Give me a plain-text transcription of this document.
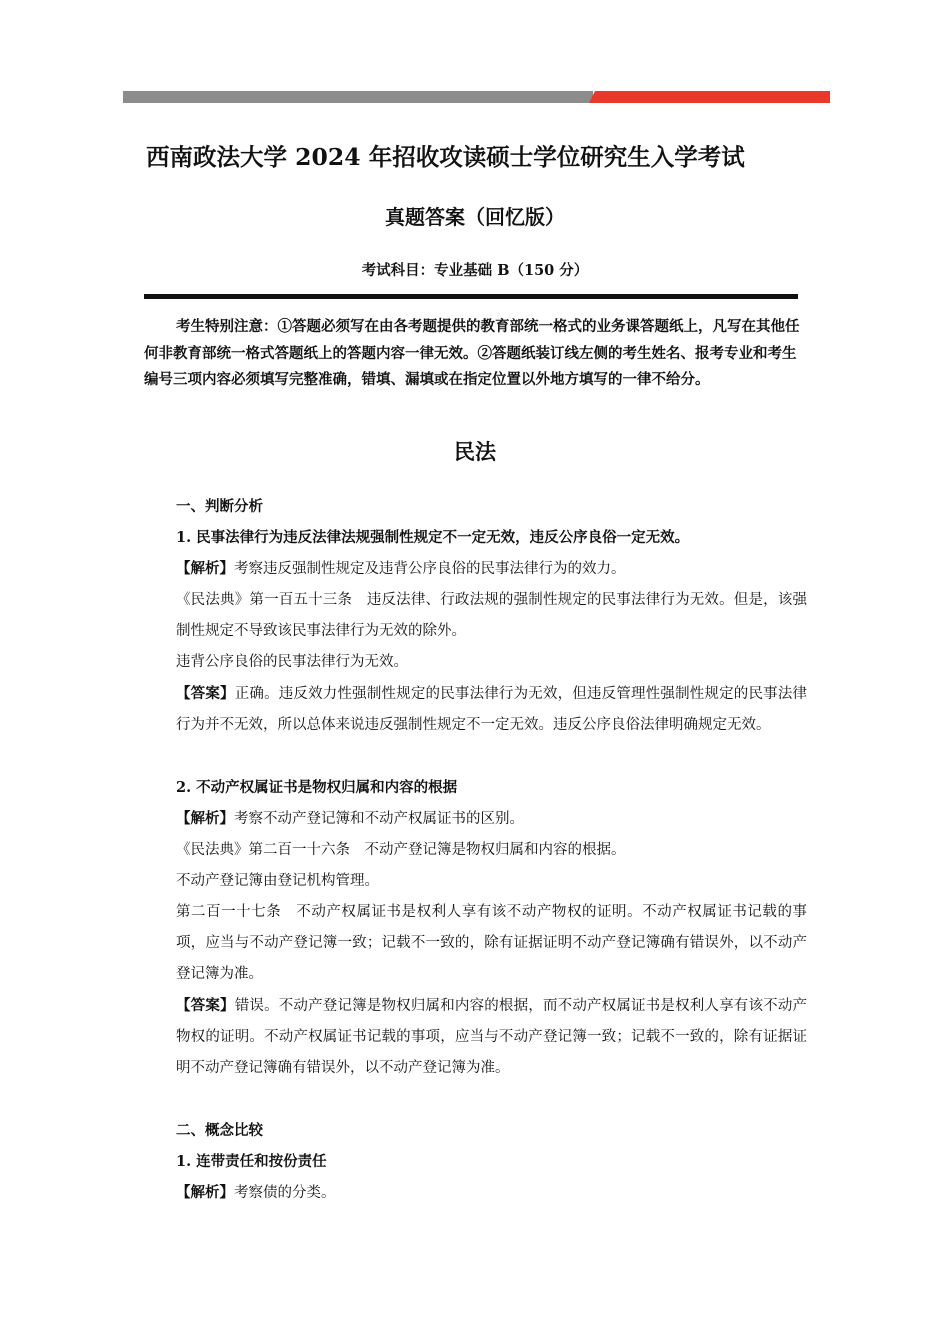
西南政法大学 2024 年招收攻读硕士学位研究生入学考试
真题答案（回忆版）
考试科目：专业基础 B（150 分）

考生特别注意：①答题必须写在由各考题提供的教育部统一格式的业务课答题纸上，凡写在其他任何非教育部统一格式答题纸上的答题内容一律无效。②答题纸装订线左侧的考生姓名、报考专业和考生编号三项内容必须填写完整准确，错填、漏填或在指定位置以外地方填写的一律不给分。

民法

一、判断分析

1. 民事法律行为违反法律法规强制性规定不一定无效，违反公序良俗一定无效。

【解析】考察违反强制性规定及违背公序良俗的民事法律行为的效力。

《民法典》第一百五十三条　违反法律、行政法规的强制性规定的民事法律行为无效。但是，该强制性规定不导致该民事法律行为无效的除外。

违背公序良俗的民事法律行为无效。

【答案】正确。违反效力性强制性规定的民事法律行为无效，但违反管理性强制性规定的民事法律行为并不无效，所以总体来说违反强制性规定不一定无效。违反公序良俗法律明确规定无效。

2. 不动产权属证书是物权归属和内容的根据

【解析】考察不动产登记簿和不动产权属证书的区别。

《民法典》第二百一十六条　不动产登记簿是物权归属和内容的根据。

不动产登记簿由登记机构管理。

第二百一十七条　不动产权属证书是权利人享有该不动产物权的证明。不动产权属证书记载的事项，应当与不动产登记簿一致；记载不一致的，除有证据证明不动产登记簿确有错误外，以不动产登记簿为准。

【答案】错误。不动产登记簿是物权归属和内容的根据，而不动产权属证书是权利人享有该不动产物权的证明。不动产权属证书记载的事项，应当与不动产登记簿一致；记载不一致的，除有证据证明不动产登记簿确有错误外，以不动产登记簿为准。

二、概念比较

1. 连带责任和按份责任

【解析】考察债的分类。
